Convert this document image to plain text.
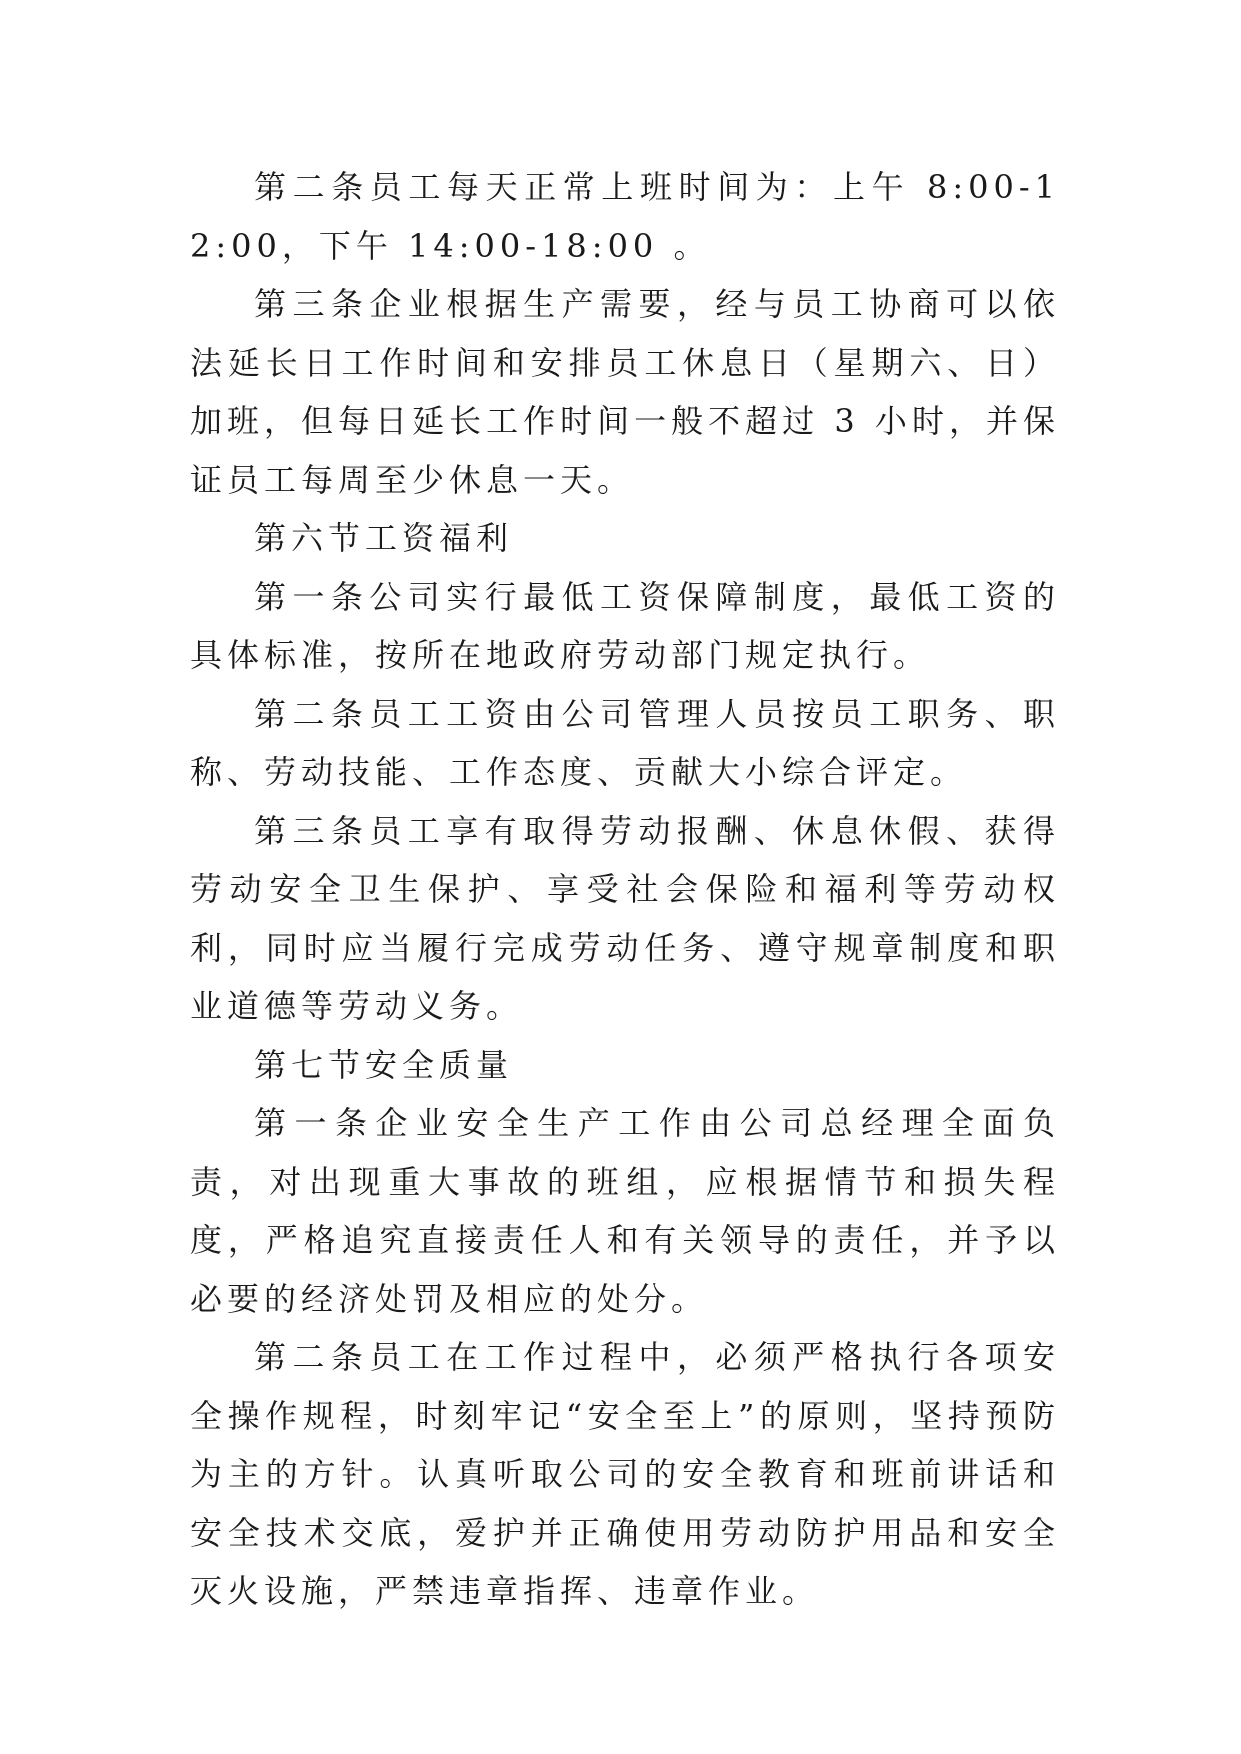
第二条员工每天正常上班时间为：上午 8:00-12:00，下午 14:00-18:00 。

第三条企业根据生产需要，经与员工协商可以依法延长日工作时间和安排员工休息日（星期六、日）加班，但每日延长工作时间一般不超过 3 小时，并保证员工每周至少休息一天。

第六节工资福利

第一条公司实行最低工资保障制度，最低工资的具体标准，按所在地政府劳动部门规定执行。

第二条员工工资由公司管理人员按员工职务、职称、劳动技能、工作态度、贡献大小综合评定。

第三条员工享有取得劳动报酬、休息休假、获得劳动安全卫生保护、享受社会保险和福利等劳动权利，同时应当履行完成劳动任务、遵守规章制度和职业道德等劳动义务。

第七节安全质量

第一条企业安全生产工作由公司总经理全面负责，对出现重大事故的班组，应根据情节和损失程度，严格追究直接责任人和有关领导的责任，并予以必要的经济处罚及相应的处分。

第二条员工在工作过程中，必须严格执行各项安全操作规程，时刻牢记“安全至上”的原则，坚持预防为主的方针。认真听取公司的安全教育和班前讲话和安全技术交底，爱护并正确使用劳动防护用品和安全灭火设施，严禁违章指挥、违章作业。
